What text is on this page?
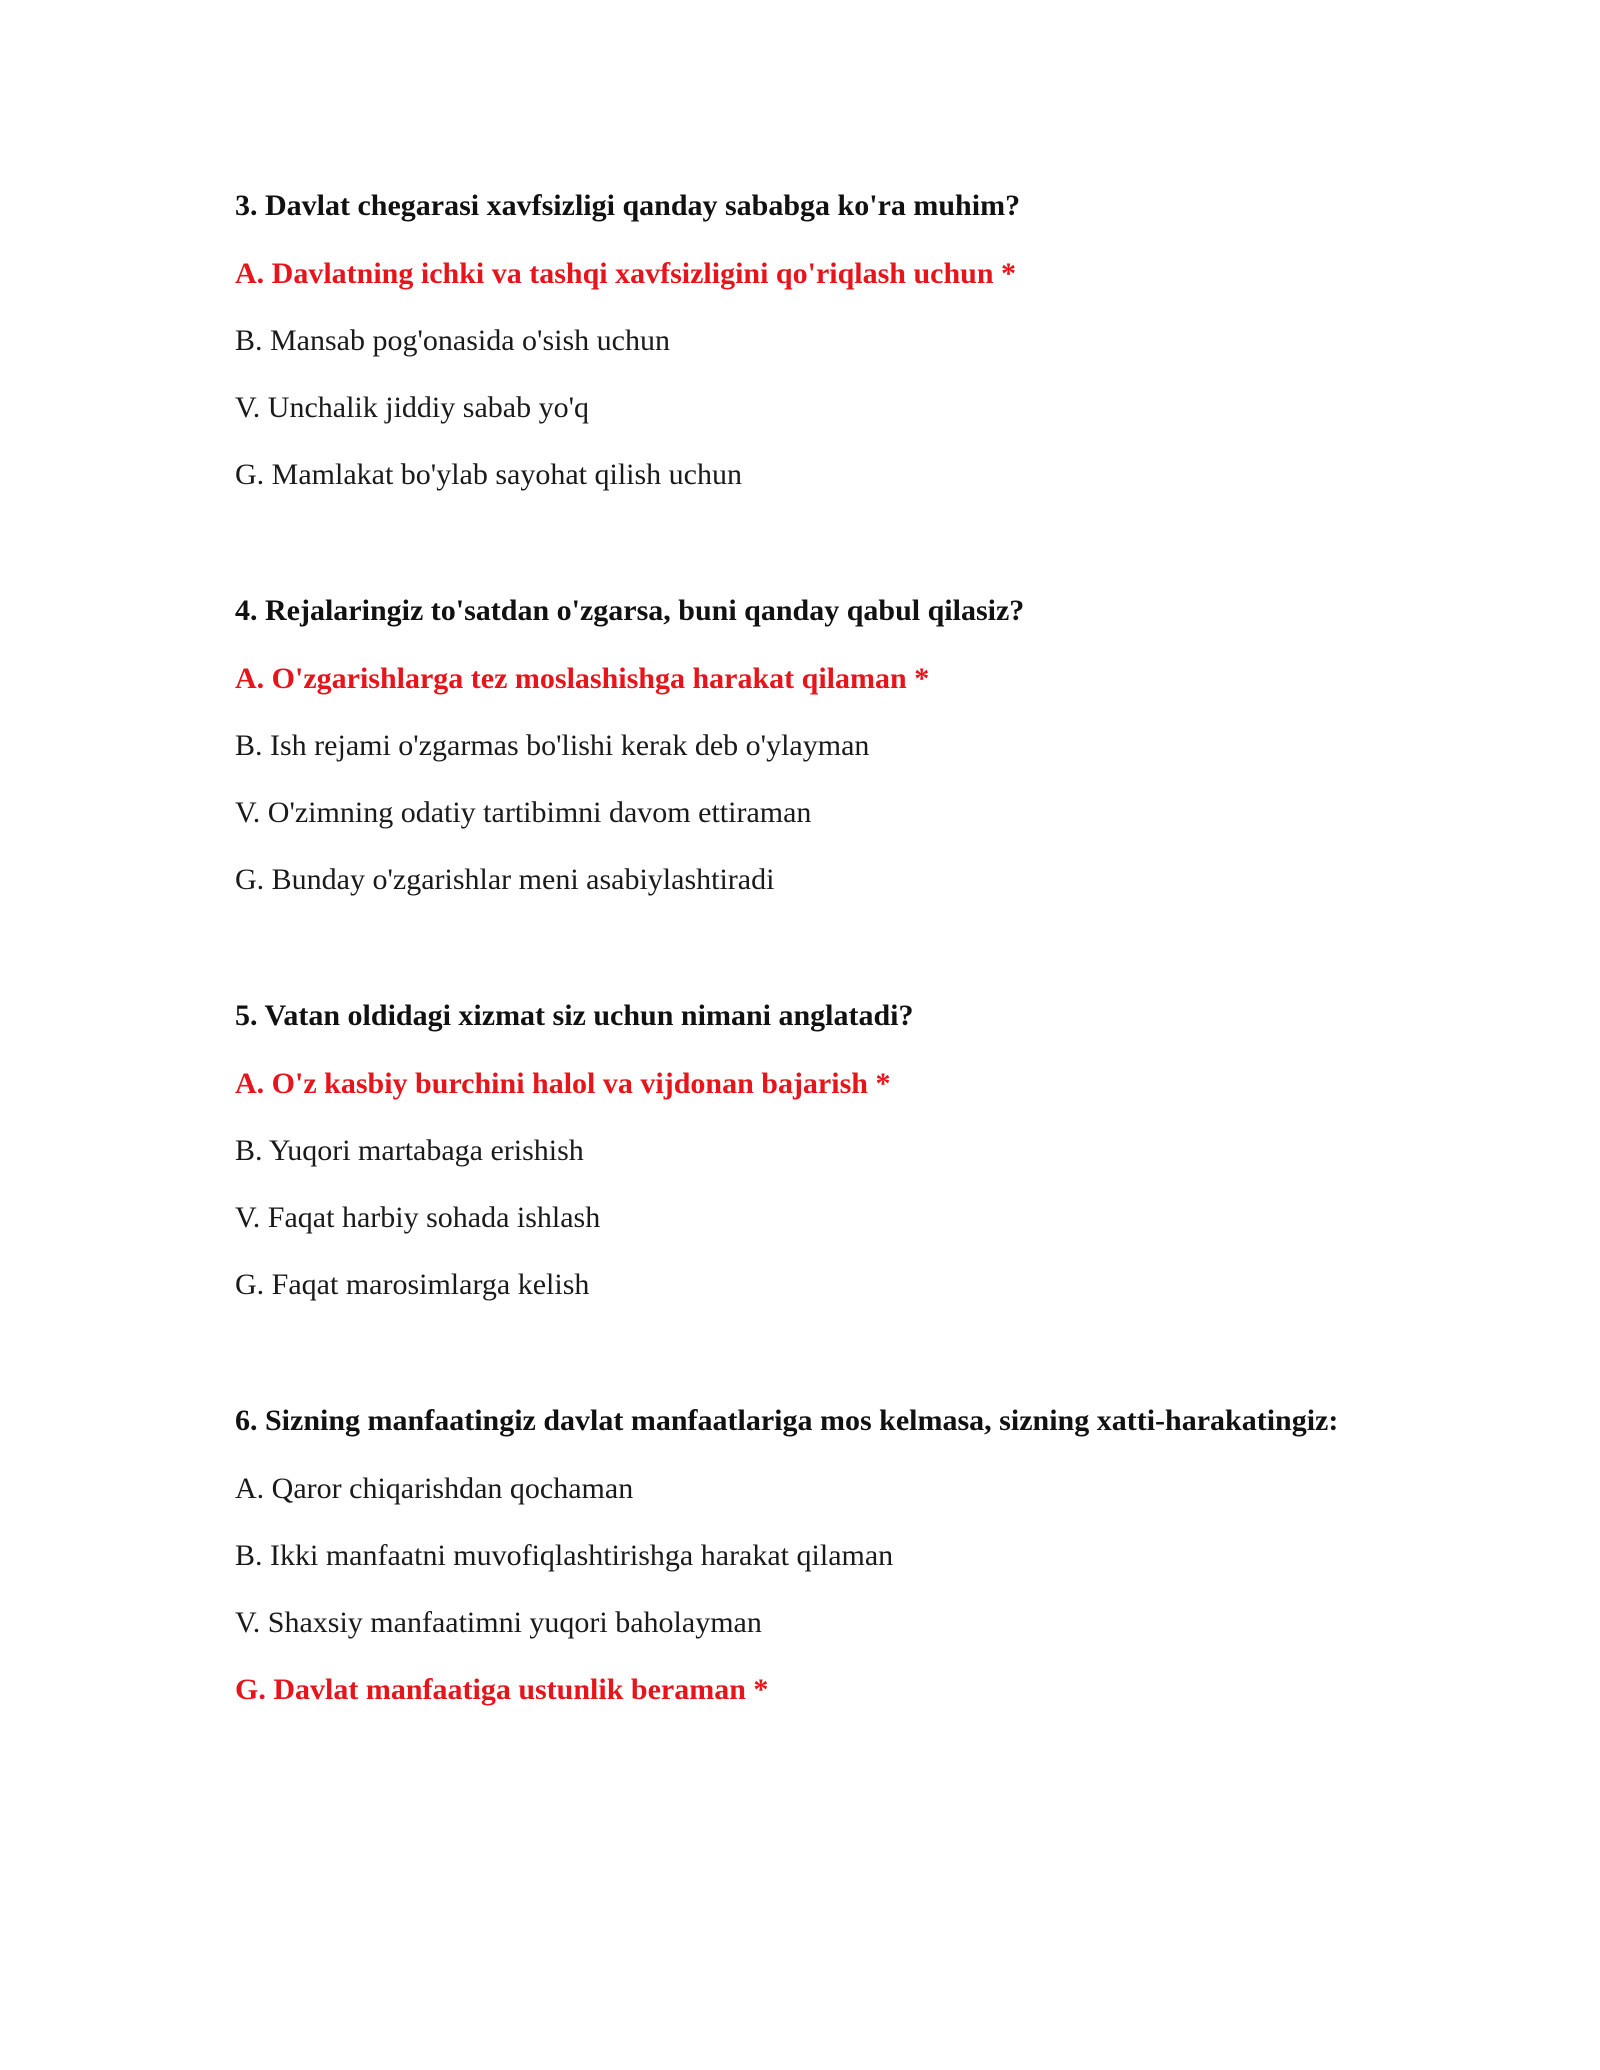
3. Davlat chegarasi xavfsizligi qanday sababga ko'ra muhim?

A. Davlatning ichki va tashqi xavfsizligini qo'riqlash uchun *

B. Mansab pog'onasida o'sish uchun

V. Unchalik jiddiy sabab yo'q

G. Mamlakat bo'ylab sayohat qilish uchun

4. Rejalaringiz to'satdan o'zgarsa, buni qanday qabul qilasiz?

A. O'zgarishlarga tez moslashishga harakat qilaman *

B. Ish rejami o'zgarmas bo'lishi kerak deb o'ylayman

V. O'zimning odatiy tartibimni davom ettiraman

G. Bunday o'zgarishlar meni asabiylashtiradi

5. Vatan oldidagi xizmat siz uchun nimani anglatadi?

A. O'z kasbiy burchini halol va vijdonan bajarish *

B. Yuqori martabaga erishish

V. Faqat harbiy sohada ishlash

G. Faqat marosimlarga kelish

6. Sizning manfaatingiz davlat manfaatlariga mos kelmasa, sizning xatti-harakatingiz:

A. Qaror chiqarishdan qochaman

B. Ikki manfaatni muvofiqlashtirishga harakat qilaman

V. Shaxsiy manfaatimni yuqori baholayman

G. Davlat manfaatiga ustunlik beraman *
